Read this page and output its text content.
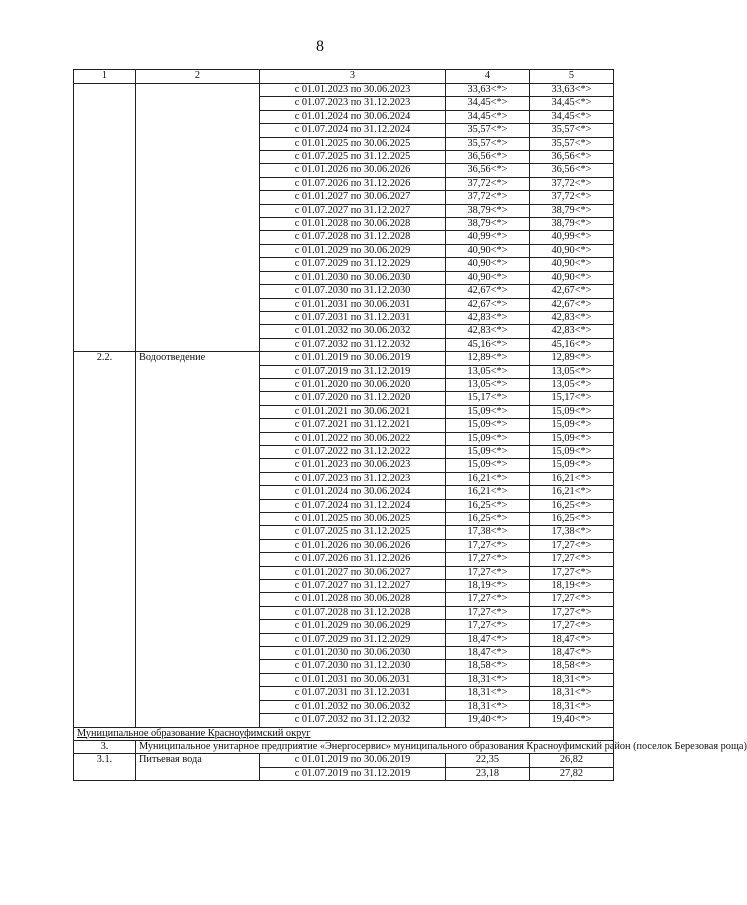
8
1	2	3	4	5
		с 01.01.2023 по 30.06.2023	33,63<*>	33,63<*>
		с 01.07.2023 по 31.12.2023	34,45<*>	34,45<*>
		с 01.01.2024 по 30.06.2024	34,45<*>	34,45<*>
		с 01.07.2024 по 31.12.2024	35,57<*>	35,57<*>
		с 01.01.2025 по 30.06.2025	35,57<*>	35,57<*>
		с 01.07.2025 по 31.12.2025	36,56<*>	36,56<*>
		с 01.01.2026 по 30.06.2026	36,56<*>	36,56<*>
		с 01.07.2026 по 31.12.2026	37,72<*>	37,72<*>
		с 01.01.2027 по 30.06.2027	37,72<*>	37,72<*>
		с 01.07.2027 по 31.12.2027	38,79<*>	38,79<*>
		с 01.01.2028 по 30.06.2028	38,79<*>	38,79<*>
		с 01.07.2028 по 31.12.2028	40,99<*>	40,99<*>
		с 01.01.2029 по 30.06.2029	40,90<*>	40,90<*>
		с 01.07.2029 по 31.12.2029	40,90<*>	40,90<*>
		с 01.01.2030 по 30.06.2030	40,90<*>	40,90<*>
		с 01.07.2030 по 31.12.2030	42,67<*>	42,67<*>
		с 01.01.2031 по 30.06.2031	42,67<*>	42,67<*>
		с 01.07.2031 по 31.12.2031	42,83<*>	42,83<*>
		с 01.01.2032 по 30.06.2032	42,83<*>	42,83<*>
		с 01.07.2032 по 31.12.2032	45,16<*>	45,16<*>
2.2.	Водоотведение	с 01.01.2019 по 30.06.2019	12,89<*>	12,89<*>
		с 01.07.2019 по 31.12.2019	13,05<*>	13,05<*>
		с 01.01.2020 по 30.06.2020	13,05<*>	13,05<*>
		с 01.07.2020 по 31.12.2020	15,17<*>	15,17<*>
		с 01.01.2021 по 30.06.2021	15,09<*>	15,09<*>
		с 01.07.2021 по 31.12.2021	15,09<*>	15,09<*>
		с 01.01.2022 по 30.06.2022	15,09<*>	15,09<*>
		с 01.07.2022 по 31.12.2022	15,09<*>	15,09<*>
		с 01.01.2023 по 30.06.2023	15,09<*>	15,09<*>
		с 01.07.2023 по 31.12.2023	16,21<*>	16,21<*>
		с 01.01.2024 по 30.06.2024	16,21<*>	16,21<*>
		с 01.07.2024 по 31.12.2024	16,25<*>	16,25<*>
		с 01.01.2025 по 30.06.2025	16,25<*>	16,25<*>
		с 01.07.2025 по 31.12.2025	17,38<*>	17,38<*>
		с 01.01.2026 по 30.06.2026	17,27<*>	17,27<*>
		с 01.07.2026 по 31.12.2026	17,27<*>	17,27<*>
		с 01.01.2027 по 30.06.2027	17,27<*>	17,27<*>
		с 01.07.2027 по 31.12.2027	18,19<*>	18,19<*>
		с 01.01.2028 по 30.06.2028	17,27<*>	17,27<*>
		с 01.07.2028 по 31.12.2028	17,27<*>	17,27<*>
		с 01.01.2029 по 30.06.2029	17,27<*>	17,27<*>
		с 01.07.2029 по 31.12.2029	18,47<*>	18,47<*>
		с 01.01.2030 по 30.06.2030	18,47<*>	18,47<*>
		с 01.07.2030 по 31.12.2030	18,58<*>	18,58<*>
		с 01.01.2031 по 30.06.2031	18,31<*>	18,31<*>
		с 01.07.2031 по 31.12.2031	18,31<*>	18,31<*>
		с 01.01.2032 по 30.06.2032	18,31<*>	18,31<*>
		с 01.07.2032 по 31.12.2032	19,40<*>	19,40<*>
Муниципальное образование Красноуфимский округ				
3.	Муниципальное унитарное предприятие «Энергосервис» муниципального образования Красноуфимский район (поселок Березовая роща)			
3.1.	Питьевая вода	с 01.01.2019 по 30.06.2019	22,35	26,82
		с 01.07.2019 по 31.12.2019	23,18	27,82
